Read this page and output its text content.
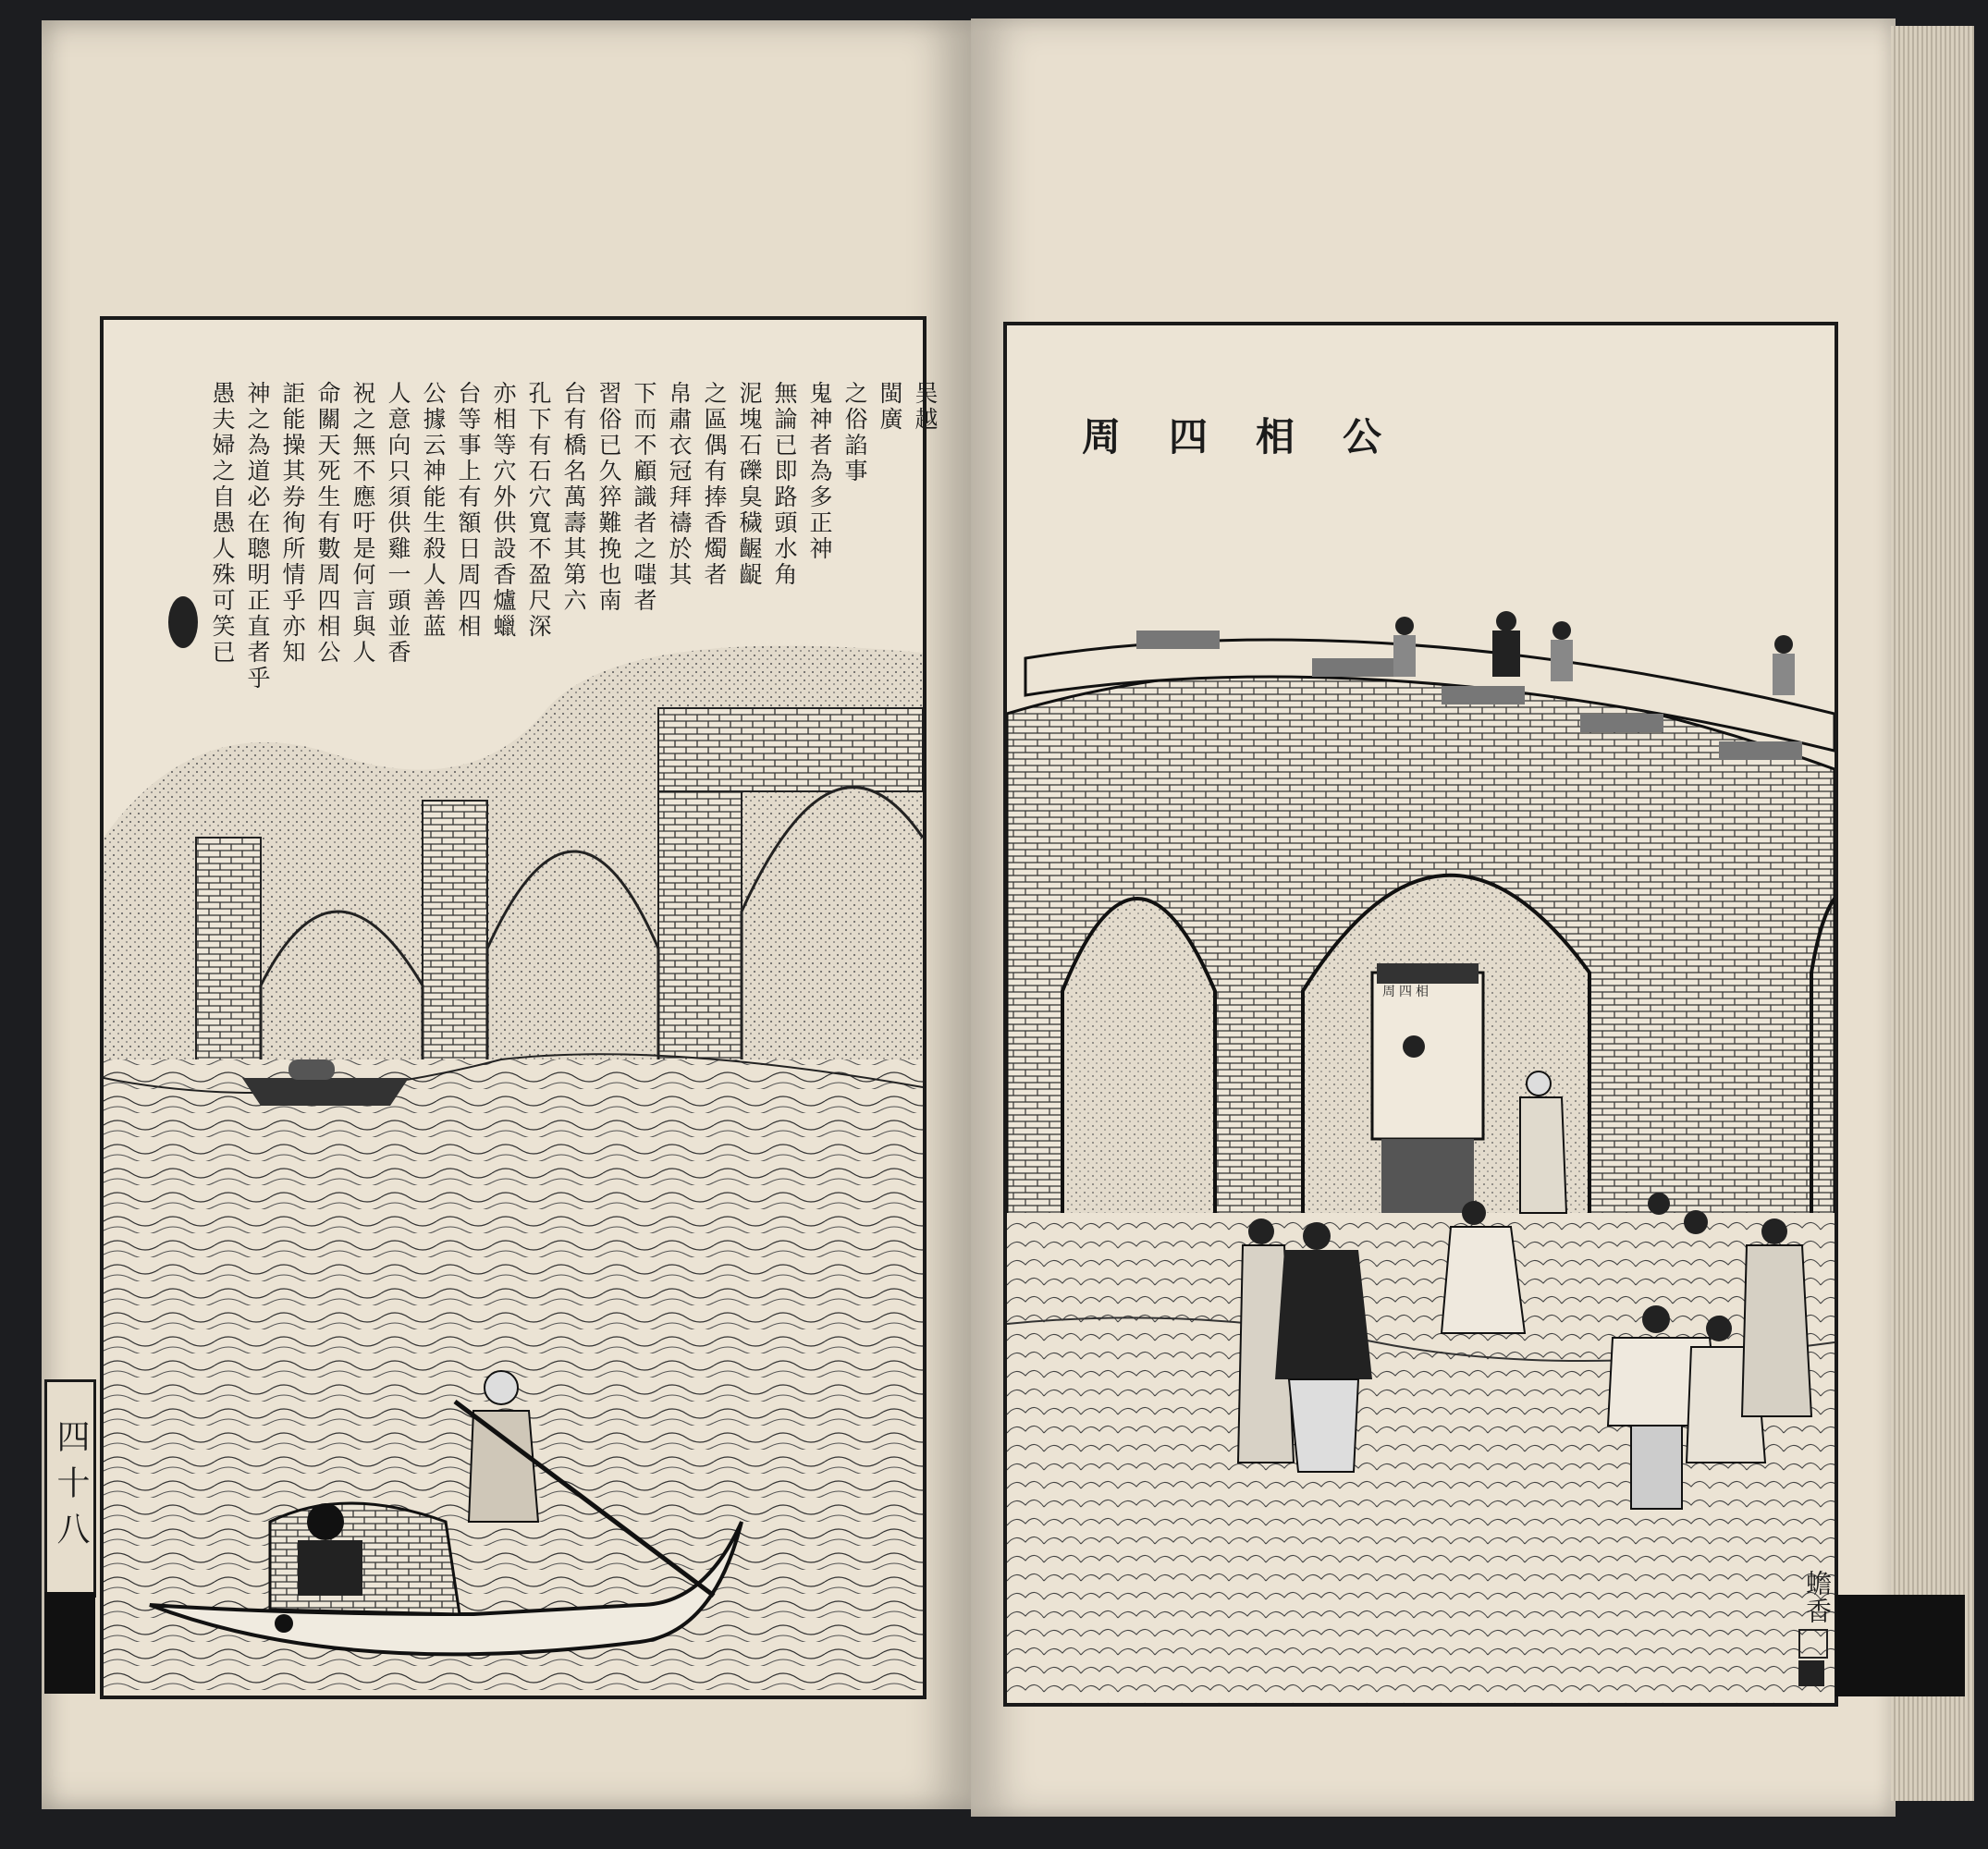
吴越
閩廣
之俗諂事
鬼神者為多正神
無論已即路頭水角
泥塊石礫臭穢齷齪
之區偶有捧香燭者
帛肅衣冠拜禱於其
下而不顧識者之嗤者
習俗已久猝難挽也南
台有橋名萬壽其第六
孔下有石穴寬不盈尺深
亦相等穴外供設香爐蠟
台等事上有額日周四相
公據云神能生殺人善蓝
人意向只須供雞一頭並香
祝之無不應吁是何言與人
命關天死生有數周四相公
詎能操其券徇所情乎亦知
神之為道必在聰明正直者乎
愚夫婦之自愚人殊可笑已
四十八
周四相公
周四相
蟾香
